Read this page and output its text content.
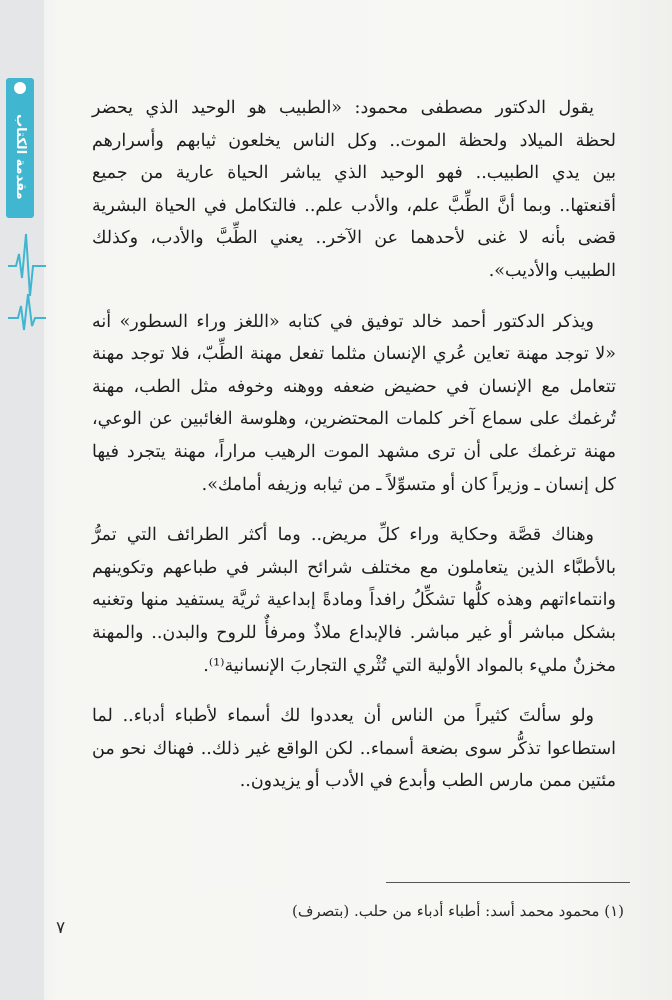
مقدمة الكتاب

يقول الدكتور مصطفى محمود: «الطبيب هو الوحيد الذي يحضر
لحظة الميلاد ولحظة الموت.. وكل الناس يخلعون ثيابهم وأسرارهم
بين يدي الطبيب.. فهو الوحيد الذي يباشر الحياة عارية من جميع
أقنعتها.. وبما أنَّ الطِّبَّ علم، والأدب علم.. فالتكامل في الحياة البشرية
قضى بأنه لا غنى لأحدهما عن الآخر.. يعني الطِّبَّ والأدب، وكذلك
الطبيب والأديب».

ويذكر الدكتور أحمد خالد توفيق في كتابه «اللغز وراء السطور» أنه
«لا توجد مهنة تعاين عُري الإنسان مثلما تفعل مهنة الطِّبّ، فلا توجد مهنة
تتعامل مع الإنسان في حضيض ضعفه ووهنه وخوفه مثل الطب، مهنة
تُرغمك على سماع آخر كلمات المحتضرين، وهلوسة الغائبين عن الوعي،
مهنة ترغمك على أن ترى مشهد الموت الرهيب مراراً، مهنة يتجرد فيها
كل إنسان ـ وزيراً كان أو متسوِّلاً ـ من ثيابه وزيفه أمامك».

وهناك قصَّة وحكاية وراء كلِّ مريض.. وما أكثر الطرائف التي تمرُّ
بالأطبَّاء الذين يتعاملون مع مختلف شرائح البشر في طباعهم وتكوينهم
وانتماءاتهم وهذه كلُّها تشكِّلُ رافداً ومادةً إبداعية ثريَّة يستفيد منها وتغنيه
بشكل مباشر أو غير مباشر. فالإبداع ملاذٌ ومرفأٌ للروح والبدن.. والمهنة
مخزنٌ مليء بالمواد الأولية التي تُثْري التجاربَ الإنسانية⁽¹⁾.

ولو سألتَ كثيراً من الناس أن يعددوا لك أسماء لأطباء أدباء.. لما
استطاعوا تذكُّر سوى بضعة أسماء.. لكن الواقع غير ذلك.. فهناك نحو من
مئتين ممن مارس الطب وأبدع في الأدب أو يزيدون..

(١) محمود محمد أسد: أطباء أدباء من حلب. (بتصرف)
٧
